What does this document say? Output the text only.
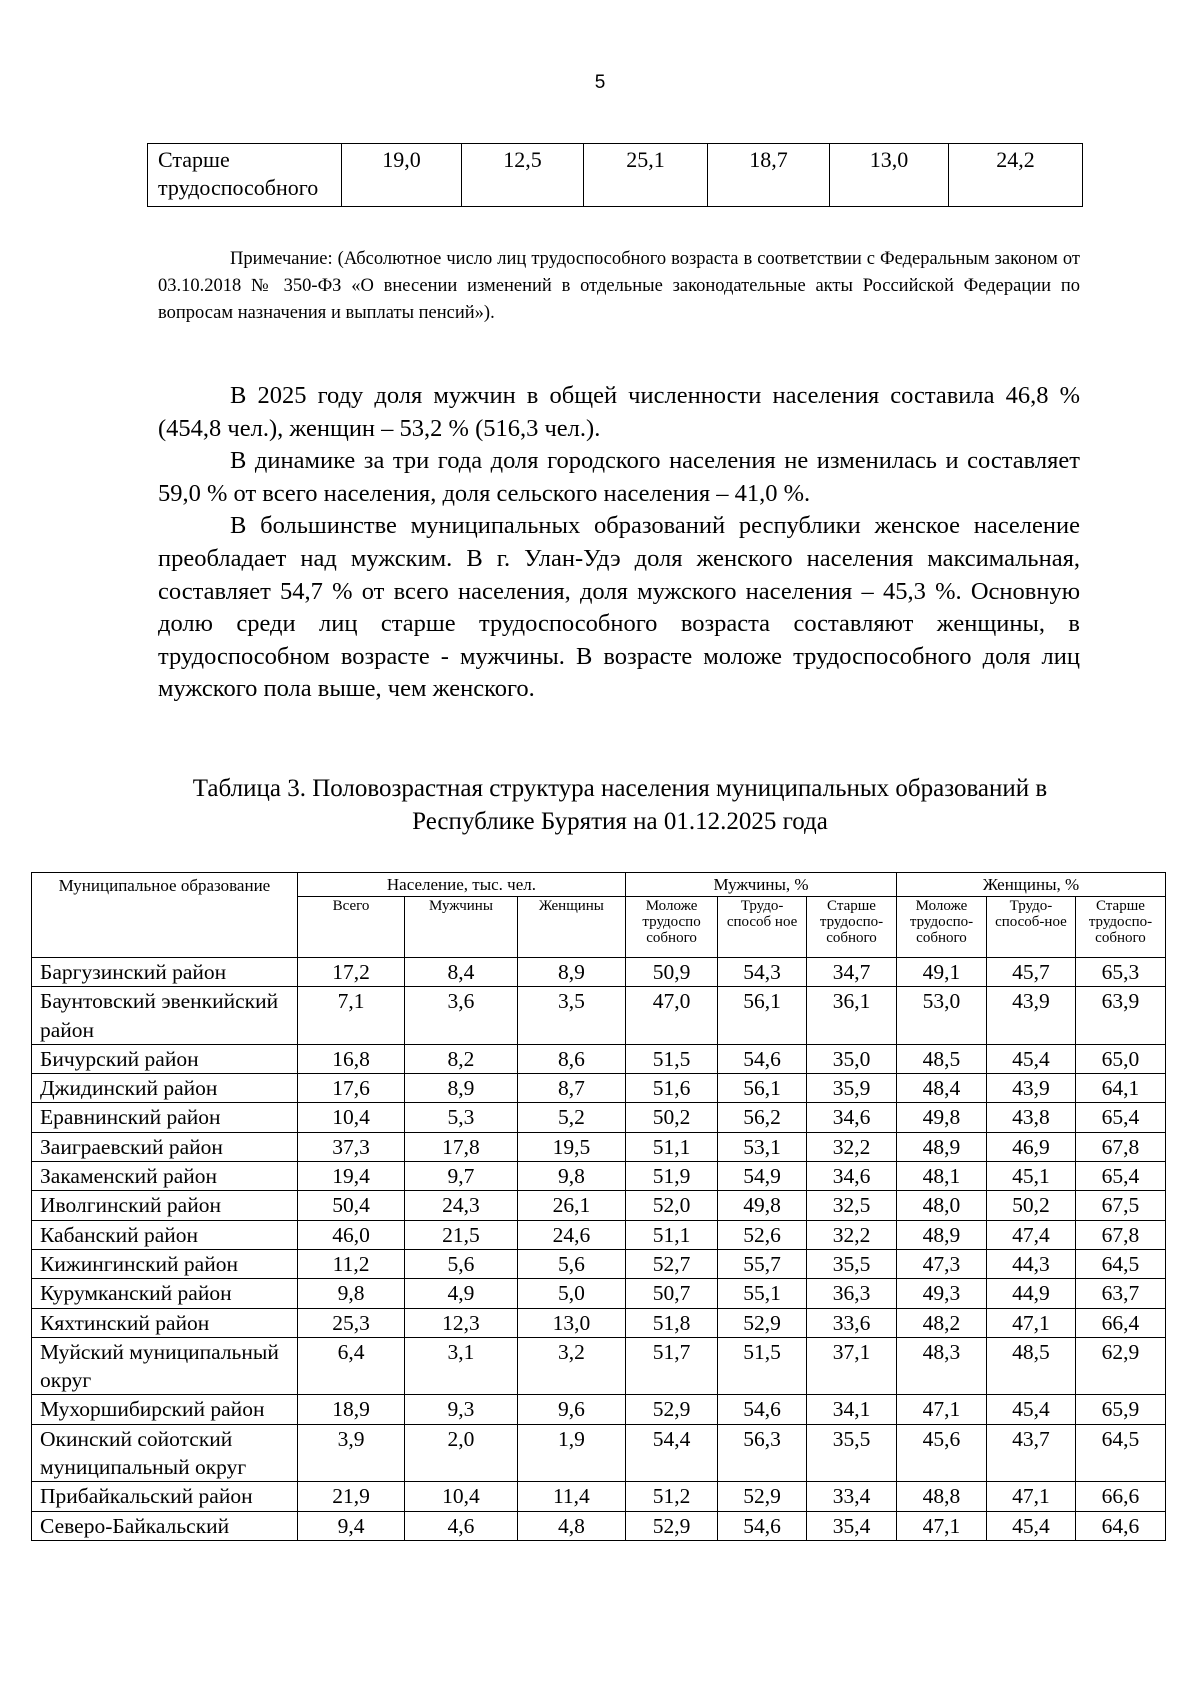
5
Старше трудоспособного	19,0	12,5	25,1	18,7	13,0	24,2

Примечание: (Абсолютное число лиц трудоспособного возраста в соответствии с Федеральным законом от 03.10.2018 № 350-ФЗ «О внесении изменений в отдельные законодательные акты Российской Федерации по вопросам назначения и выплаты пенсий»).

В 2025 году доля мужчин в общей численности населения составила 46,8 % (454,8 чел.), женщин – 53,2 % (516,3 чел.).

В динамике за три года доля городского населения не изменилась и составляет 59,0 % от всего населения, доля сельского населения – 41,0 %.

В большинстве муниципальных образований республики женское население преобладает над мужским. В г. Улан-Удэ доля женского населения максимальная, составляет 54,7 % от всего населения, доля мужского населения – 45,3 %. Основную долю среди лиц старше трудоспособного возраста составляют женщины, в трудоспособном возрасте - мужчины. В возрасте моложе трудоспособного доля лиц мужского пола выше, чем женского.

Таблица 3. Половозрастная структура населения муниципальных образований в Республике Бурятия на 01.12.2025 года

Муниципальное образование	Население, тыс. чел.			Мужчины, %			Женщины, %		
	Всего	Мужчины	Женщины	Моложе трудоспо собного	Трудо-способ ное	Старше трудоспо-собного	Моложе трудоспо-собного	Трудо-способ-ное	Старше трудоспо-собного
Баргузинский район	17,2	8,4	8,9	50,9	54,3	34,7	49,1	45,7	65,3
Баунтовский эвенкийский район	7,1	3,6	3,5	47,0	56,1	36,1	53,0	43,9	63,9
Бичурский район	16,8	8,2	8,6	51,5	54,6	35,0	48,5	45,4	65,0
Джидинский район	17,6	8,9	8,7	51,6	56,1	35,9	48,4	43,9	64,1
Еравнинский район	10,4	5,3	5,2	50,2	56,2	34,6	49,8	43,8	65,4
Заиграевский район	37,3	17,8	19,5	51,1	53,1	32,2	48,9	46,9	67,8
Закаменский район	19,4	9,7	9,8	51,9	54,9	34,6	48,1	45,1	65,4
Иволгинский район	50,4	24,3	26,1	52,0	49,8	32,5	48,0	50,2	67,5
Кабанский район	46,0	21,5	24,6	51,1	52,6	32,2	48,9	47,4	67,8
Кижингинский район	11,2	5,6	5,6	52,7	55,7	35,5	47,3	44,3	64,5
Курумканский район	9,8	4,9	5,0	50,7	55,1	36,3	49,3	44,9	63,7
Кяхтинский район	25,3	12,3	13,0	51,8	52,9	33,6	48,2	47,1	66,4
Муйский муниципальный округ	6,4	3,1	3,2	51,7	51,5	37,1	48,3	48,5	62,9
Мухоршибирский район	18,9	9,3	9,6	52,9	54,6	34,1	47,1	45,4	65,9
Окинский сойотский муниципальный округ	3,9	2,0	1,9	54,4	56,3	35,5	45,6	43,7	64,5
Прибайкальский район	21,9	10,4	11,4	51,2	52,9	33,4	48,8	47,1	66,6
Северо-Байкальский	9,4	4,6	4,8	52,9	54,6	35,4	47,1	45,4	64,6
